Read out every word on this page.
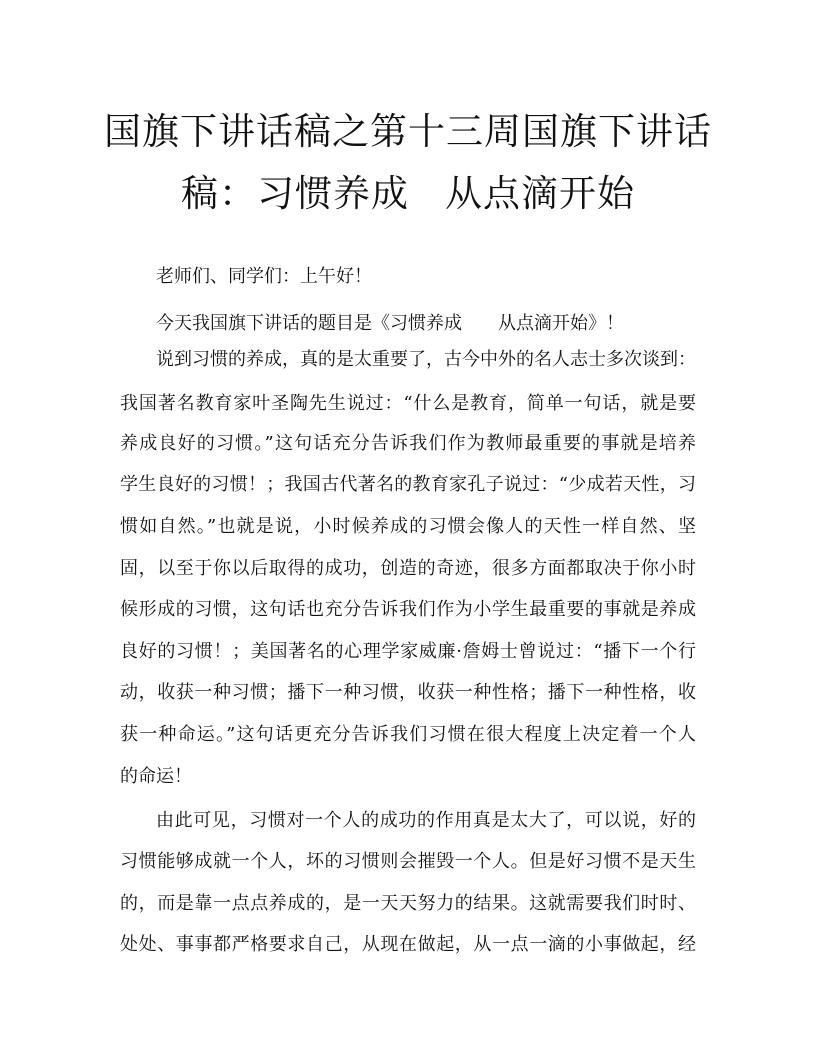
国旗下讲话稿之第十三周国旗下讲话
稿：习惯养成 从点滴开始
老师们、同学们：上午好！
今天我国旗下讲话的题目是《习惯养成　　从点滴开始》！
说到习惯的养成，真的是太重要了，古今中外的名人志士多次谈到：
我国著名教育家叶圣陶先生说过：“什么是教育，简单一句话，就是要
养成良好的习惯。”这句话充分告诉我们作为教师最重要的事就是培养
学生良好的习惯！；我国古代著名的教育家孔子说过：“少成若天性，习
惯如自然。”也就是说，小时候养成的习惯会像人的天性一样自然、坚
固，以至于你以后取得的成功，创造的奇迹，很多方面都取决于你小时
候形成的习惯，这句话也充分告诉我们作为小学生最重要的事就是养成
良好的习惯！；美国著名的心理学家威廉·詹姆士曾说过：“播下一个行
动，收获一种习惯；播下一种习惯，收获一种性格；播下一种性格，收
获一种命运。”这句话更充分告诉我们习惯在很大程度上决定着一个人
的命运！
由此可见，习惯对一个人的成功的作用真是太大了，可以说，好的
习惯能够成就一个人，坏的习惯则会摧毁一个人。但是好习惯不是天生
的，而是靠一点点养成的，是一天天努力的结果。这就需要我们时时、
处处、事事都严格要求自己，从现在做起，从一点一滴的小事做起，经
